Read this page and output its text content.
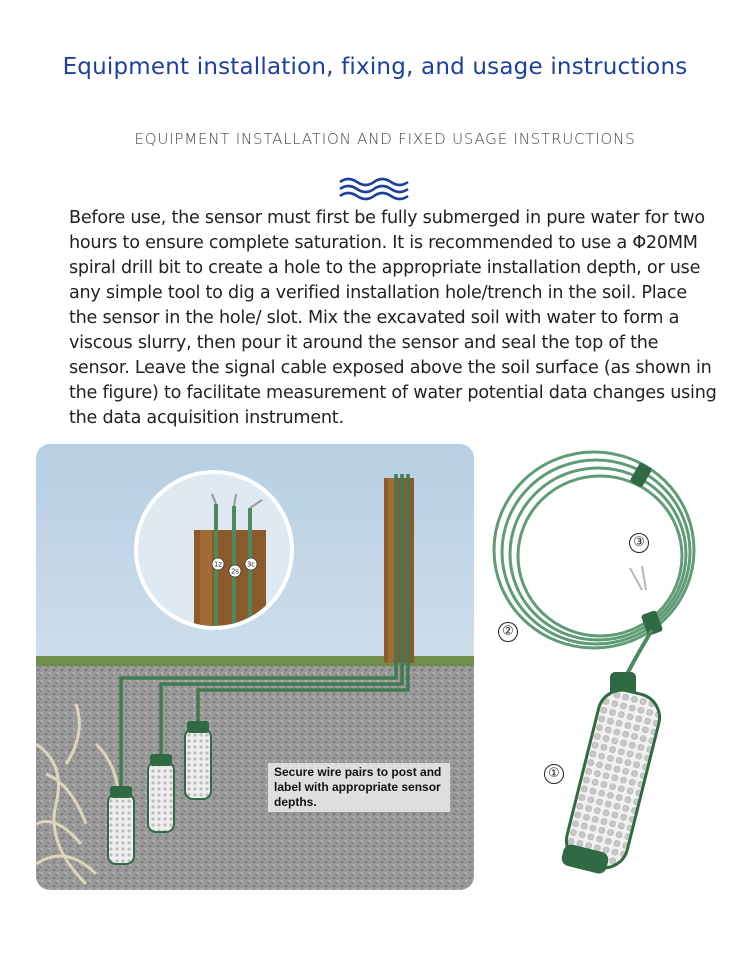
Equipment installation, fixing, and usage instructions
EQUIPMENT INSTALLATION AND FIXED USAGE INSTRUCTIONS
Before use, the sensor must first be fully submerged in pure water for two hours to ensure complete saturation. It is recommended to use a Φ20MM spiral drill bit to create a hole to the appropriate installation depth, or use any simple tool to dig a verified installation hole/trench in the soil. Place the sensor in the hole/ slot. Mix the excavated soil with water to form a viscous slurry, then pour it around the sensor and seal the top of the sensor. Leave the signal cable exposed above the soil surface (as shown in the figure) to facilitate measurement of water potential data changes using the data acquisition instrument.
1z
2s
3c
Secure wire pairs to post and label with appropriate sensor depths.
①
②
③
